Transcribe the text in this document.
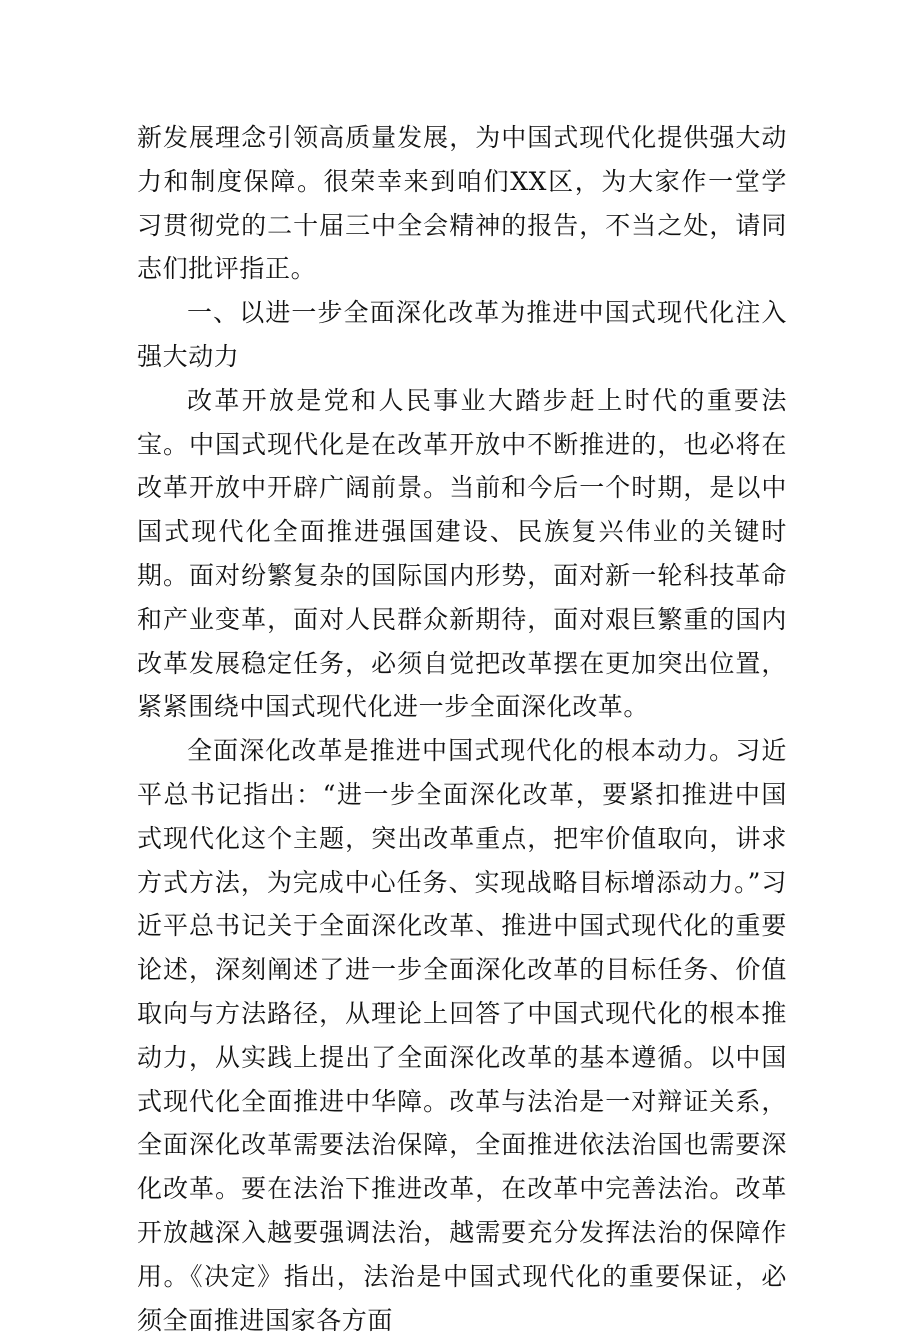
新发展理念引领高质量发展，为中国式现代化提供强大动力和制度保障。很荣幸来到咱们XX区，为大家作一堂学习贯彻党的二十届三中全会精神的报告，不当之处，请同志们批评指正。

一、以进一步全面深化改革为推进中国式现代化注入强大动力

改革开放是党和人民事业大踏步赶上时代的重要法宝。中国式现代化是在改革开放中不断推进的，也必将在改革开放中开辟广阔前景。当前和今后一个时期，是以中国式现代化全面推进强国建设、民族复兴伟业的关键时期。面对纷繁复杂的国际国内形势，面对新一轮科技革命和产业变革，面对人民群众新期待，面对艰巨繁重的国内改革发展稳定任务，必须自觉把改革摆在更加突出位置，紧紧围绕中国式现代化进一步全面深化改革。

全面深化改革是推进中国式现代化的根本动力。习近平总书记指出：“进一步全面深化改革，要紧扣推进中国式现代化这个主题，突出改革重点，把牢价值取向，讲求方式方法，为完成中心任务、实现战略目标增添动力。”习近平总书记关于全面深化改革、推进中国式现代化的重要论述，深刻阐述了进一步全面深化改革的目标任务、价值取向与方法路径，从理论上回答了中国式现代化的根本推动力，从实践上提出了全面深化改革的基本遵循。以中国式现代化全面推进中华障。改革与法治是一对辩证关系，全面深化改革需要法治保障，全面推进依法治国也需要深化改革。要在法治下推进改革，在改革中完善法治。改革开放越深入越要强调法治，越需要充分发挥法治的保障作用。《决定》指出，法治是中国式现代化的重要保证，必须全面推进国家各方面
